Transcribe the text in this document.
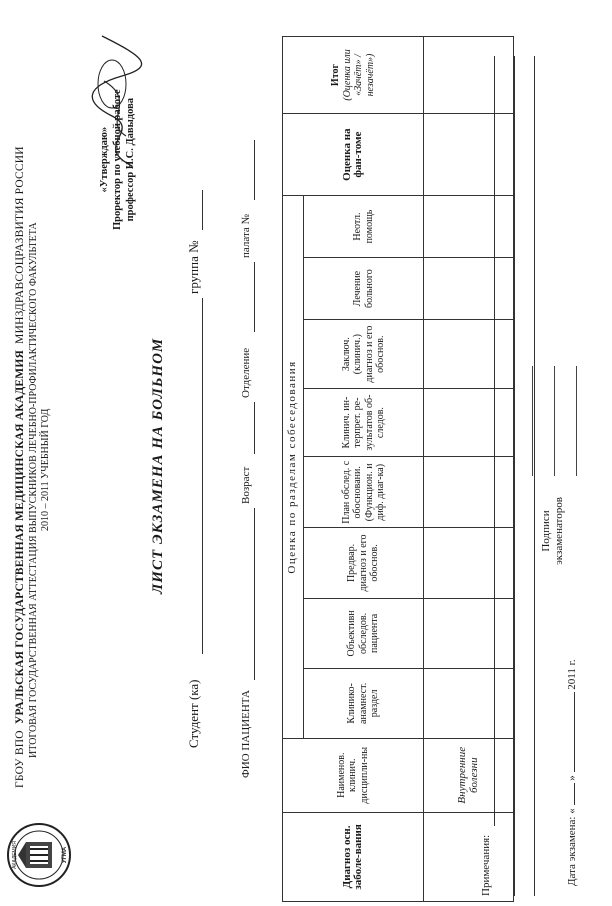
АКАДЕМИЯ	УГМА
ГБОУ ВПО  УРАЛЬСКАЯ ГОСУДАРСТВЕННАЯ МЕДИЦИНСКАЯ АКАДЕМИЯ  МИНЗДРАВСОЦРАЗВИТИЯ РОССИИ ИТОГОВАЯ ГОСУДАРСТВЕННАЯ АТТЕСТАЦИЯ ВЫПУСКНИКОВ ЛЕЧЕБНО-ПРОФИЛАКТИЧЕСКОГО ФАКУЛЬТЕТА 2010 – 2011 УЧЕБНЫЙ ГОД
«Утверждаю» Проректор по учебной работе профессор Н.С. Давыдова
ЛИСТ ЭКЗАМЕНА НА БОЛЬНОМ
Студент (ка)
группа №
ФИО ПАЦИЕНТА
Возраст
Отделение
палата №
Диагноз осн. заболе-вания	Наименов. клинич. дисципли-ны	Оценка по разделам собеседования								Оценка на фан-томе	Итог
(Оценка или «Зачёт» /незачёт»)
		Клинико-анамнест. раздел	Объективн обследов. пациента	Предвар. диагноз и его обоснов.	План обслед. с обосновани. (Функцион. и диф. диаг-ка)	Клинич. ин-терпрет. ре-зультатов об-следов.	Заключ. (клинич.) диагноз и его обоснов.	Лечение больного	Неотл. помощь		
	Внутренние болезни										
Примечания:	Дата экзамена: «  »  2011 г.
Подписи экзаменаторов
